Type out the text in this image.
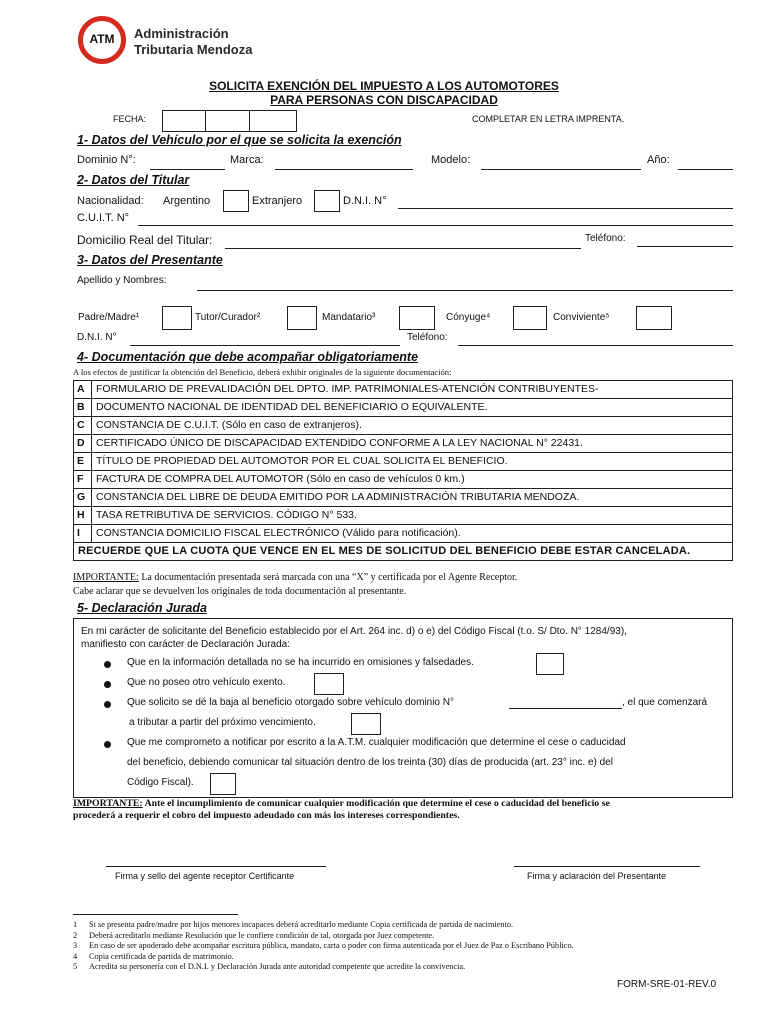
ATM	Administración
Tributaria Mendoza
SOLICITA EXENCIÓN DEL IMPUESTO A LOS AUTOMOTORES
PARA PERSONAS CON DISCAPACIDAD
FECHA:	COMPLETAR EN LETRA IMPRENTA.
1- Datos del Vehículo por el que se solicita la exención
Dominio N°:	Marca:	Modelo:	Año:
2- Datos del Titular
Nacionalidad: Argentino	Extranjero	D.N.I. N°
C.U.I.T. N°
Domicilio Real del Titular:	Teléfono:
3- Datos del Presentante
Apellido y Nombres:
Padre/Madre¹	Tutor/Curador²	Mandatario³	Cónyuge⁴	Conviviente⁵
D.N.I. N°	Teléfono:
4- Documentación que debe acompañar obligatoriamente
A los efectos de justificar la obtención del Beneficio, deberá exhibir originales de la siguiente documentación:
A	FORMULARIO DE PREVALIDACIÓN DEL DPTO. IMP. PATRIMONIALES-ATENCIÓN CONTRIBUYENTES-
B	DOCUMENTO NACIONAL DE IDENTIDAD DEL BENEFICIARIO O EQUIVALENTE.
C	CONSTANCIA DE C.U.I.T. (Sólo en caso de extranjeros).
D	CERTIFICADO ÚNICO DE DISCAPACIDAD EXTENDIDO CONFORME A LA LEY NACIONAL N° 22431.
E	TÍTULO DE PROPIEDAD DEL AUTOMOTOR POR EL CUAL SOLICITA EL BENEFICIO.
F	FACTURA DE COMPRA DEL AUTOMOTOR (Sólo en caso de vehículos 0 km.)
G	CONSTANCIA DEL LIBRE DE DEUDA EMITIDO POR LA ADMINISTRACIÓN TRIBUTARIA MENDOZA.
H	TASA RETRIBUTIVA DE SERVICIOS. CÓDIGO N° 533.
I	CONSTANCIA DOMICILIO FISCAL ELECTRÓNICO (Válido para notificación).
RECUERDE QUE LA CUOTA QUE VENCE EN EL MES DE SOLICITUD DEL BENEFICIO DEBE ESTAR CANCELADA.	
IMPORTANTE: La documentación presentada será marcada con una “X” y certificada por el Agente Receptor.
Cabe aclarar que se devuelven los originales de toda documentación al presentante.
5- Declaración Jurada
En mi carácter de solicitante del Beneficio establecido por el Art. 264 inc. d) o e) del Código Fiscal (t.o. S/ Dto. N° 1284/93),
manifiesto con carácter de Declaración Jurada:
Que en la información detallada no se ha incurrido en omisiones y falsedades.
Que no poseo otro vehículo exento.
Que solicito se dé la baja al beneficio otorgado sobre vehículo dominio N°	, el que comenzará
a tributar a partir del próximo vencimiento.
Que me comprometo a notificar por escrito a la A.T.M. cualquier modificación que determine el cese o caducidad
del beneficio, debiendo comunicar tal situación dentro de los treinta (30) días de producida (art. 23° inc. e) del
Código Fiscal).
IMPORTANTE: Ante el incumplimiento de comunicar cualquier modificación que determine el cese o caducidad del beneficio se
procederá a requerir el cobro del impuesto adeudado con más los intereses correspondientes.
Firma y sello del agente receptor Certificante	Firma y aclaración del Presentante
1 Si se presenta padre/madre por hijos menores incapaces deberá acreditarlo mediante Copia certificada de partida de nacimiento.
2 Deberá acreditarlo mediante Resolución que le confiere condición de tal, otorgada por Juez competente.
3 En caso de ser apoderado debe acompañar escritura pública, mandato, carta o poder con firma autenticada por el Juez de Paz o Escribano Público.
4 Copia certificada de partida de matrimonio.
5 Acredita su personería con el D.N.I. y Declaración Jurada ante autoridad competente que acredite la convivencia.
FORM-SRE-01-REV.0
